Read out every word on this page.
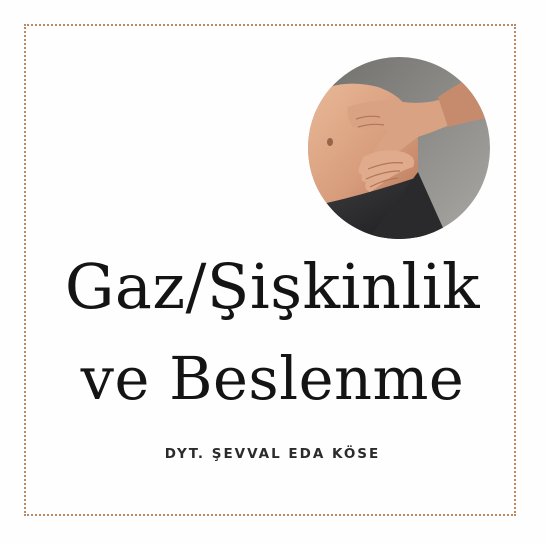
Gaz/Şişkinlik
ve Beslenme
DYT. ŞEVVAL EDA KÖSE
